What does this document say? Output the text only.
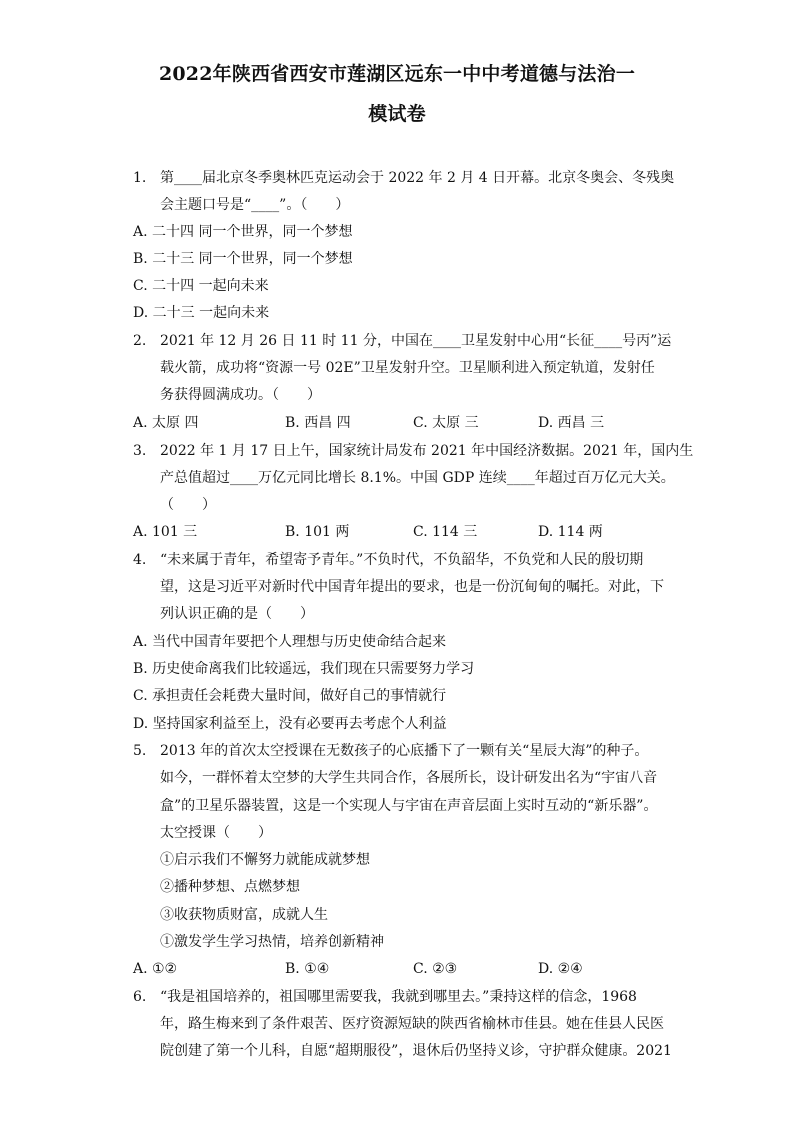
2022年陕西省西安市莲湖区远东一中中考道德与法治一
模试卷
1. 第____届北京冬季奥林匹克运动会于 2022 年 2 月 4 日开幕。北京冬奥会、冬残奥
会主题口号是“____”。（　　）
A. 二十四 同一个世界，同一个梦想
B. 二十三 同一个世界，同一个梦想
C. 二十四 一起向未来
D. 二十三 一起向未来
2. 2021 年 12 月 26 日 11 时 11 分，中国在____卫星发射中心用“长征____号丙”运
载火箭，成功将“资源一号 02E”卫星发射升空。卫星顺利进入预定轨道，发射任
务获得圆满成功。（　　）
A. 太原 四	B. 西昌 四	C. 太原 三	D. 西昌 三
3. 2022 年 1 月 17 日上午，国家统计局发布 2021 年中国经济数据。2021 年，国内生
产总值超过____万亿元同比增长 8.1%。中国 GDP 连续____年超过百万亿元大关。
（　　）
A. 101 三	B. 101 两	C. 114 三	D. 114 两
4. “未来属于青年，希望寄予青年。”不负时代，不负韶华，不负党和人民的殷切期
望，这是习近平对新时代中国青年提出的要求，也是一份沉甸甸的嘱托。对此，下
列认识正确的是（　　）
A. 当代中国青年要把个人理想与历史使命结合起来
B. 历史使命离我们比较遥远，我们现在只需要努力学习
C. 承担责任会耗费大量时间，做好自己的事情就行
D. 坚持国家利益至上，没有必要再去考虑个人利益
5. 2013 年的首次太空授课在无数孩子的心底播下了一颗有关“星辰大海”的种子。
如今，一群怀着太空梦的大学生共同合作，各展所长，设计研发出名为“宇宙八音
盒”的卫星乐器装置，这是一个实现人与宇宙在声音层面上实时互动的“新乐器”。
太空授课（　　）
①启示我们不懈努力就能成就梦想
②播种梦想、点燃梦想
③收获物质财富，成就人生
①激发学生学习热情，培养创新精神
A. ①②	B. ①④	C. ②③	D. ②④
6. “我是祖国培养的，祖国哪里需要我，我就到哪里去。”秉持这样的信念，1968
年，路生梅来到了条件艰苦、医疗资源短缺的陕西省榆林市佳县。她在佳县人民医
院创建了第一个儿科，自愿“超期服役”，退休后仍坚持义诊，守护群众健康。2021
